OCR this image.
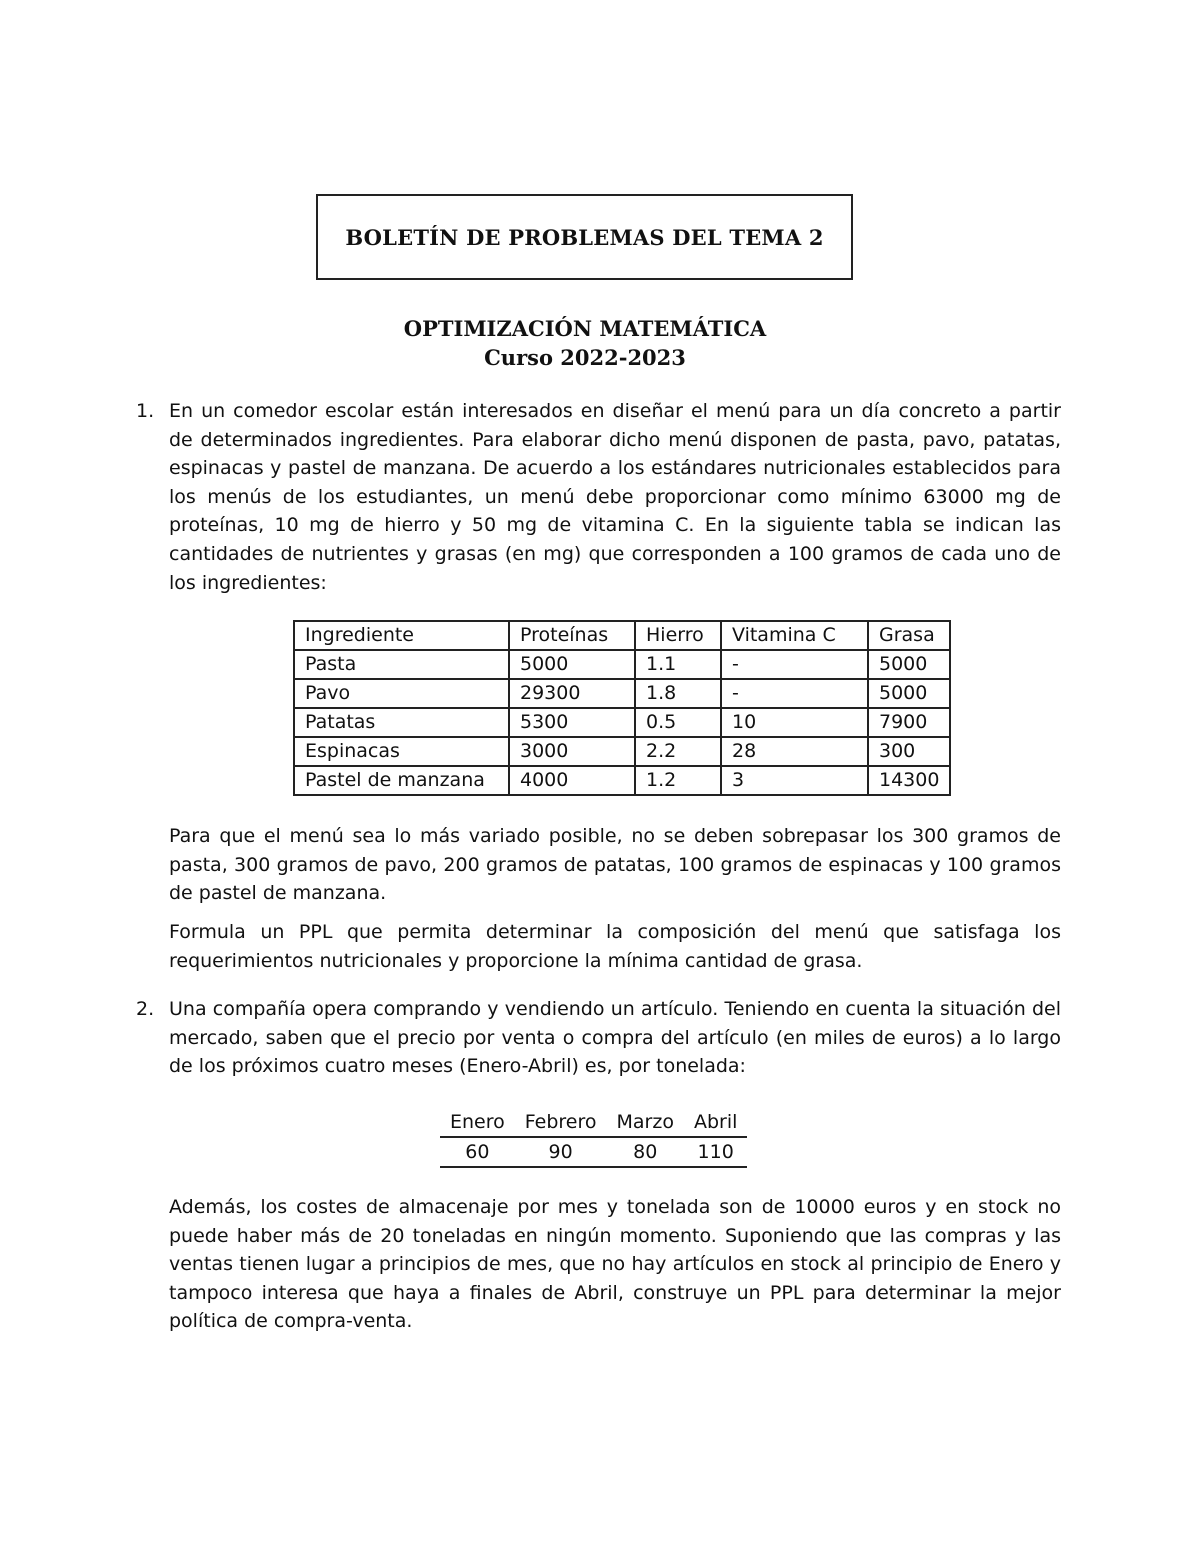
BOLETÍN DE PROBLEMAS DEL TEMA 2
OPTIMIZACIÓN MATEMÁTICA
Curso 2022-2023
1. En un comedor escolar están interesados en diseñar el menú para un día concreto a partir de determinados ingredientes. Para elaborar dicho menú disponen de pasta, pavo, patatas, espinacas y pastel de manzana. De acuerdo a los estándares nutricionales establecidos para los menús de los estudiantes, un menú debe proporcionar como mínimo 63000 mg de proteínas, 10 mg de hierro y 50 mg de vitamina C. En la siguiente tabla se indican las cantidades de nutrientes y grasas (en mg) que corresponden a 100 gramos de cada uno de los ingredientes:
Ingrediente	Proteínas	Hierro	Vitamina C	Grasa
Pasta	5000	1.1	-	5000
Pavo	29300	1.8	-	5000
Patatas	5300	0.5	10	7900
Espinacas	3000	2.2	28	300
Pastel de manzana	4000	1.2	3	14300
Para que el menú sea lo más variado posible, no se deben sobrepasar los 300 gramos de pasta, 300 gramos de pavo, 200 gramos de patatas, 100 gramos de espinacas y 100 gramos de pastel de manzana.
Formula un PPL que permita determinar la composición del menú que satisfaga los requerimientos nutricionales y proporcione la mínima cantidad de grasa.
2. Una compañía opera comprando y vendiendo un artículo. Teniendo en cuenta la situación del mercado, saben que el precio por venta o compra del artículo (en miles de euros) a lo largo de los próximos cuatro meses (Enero-Abril) es, por tonelada:
Enero	Febrero	Marzo	Abril
60	90	80	110
Además, los costes de almacenaje por mes y tonelada son de 10000 euros y en stock no puede haber más de 20 toneladas en ningún momento. Suponiendo que las compras y las ventas tienen lugar a principios de mes, que no hay artículos en stock al principio de Enero y tampoco interesa que haya a finales de Abril, construye un PPL para determinar la mejor política de compra-venta.
